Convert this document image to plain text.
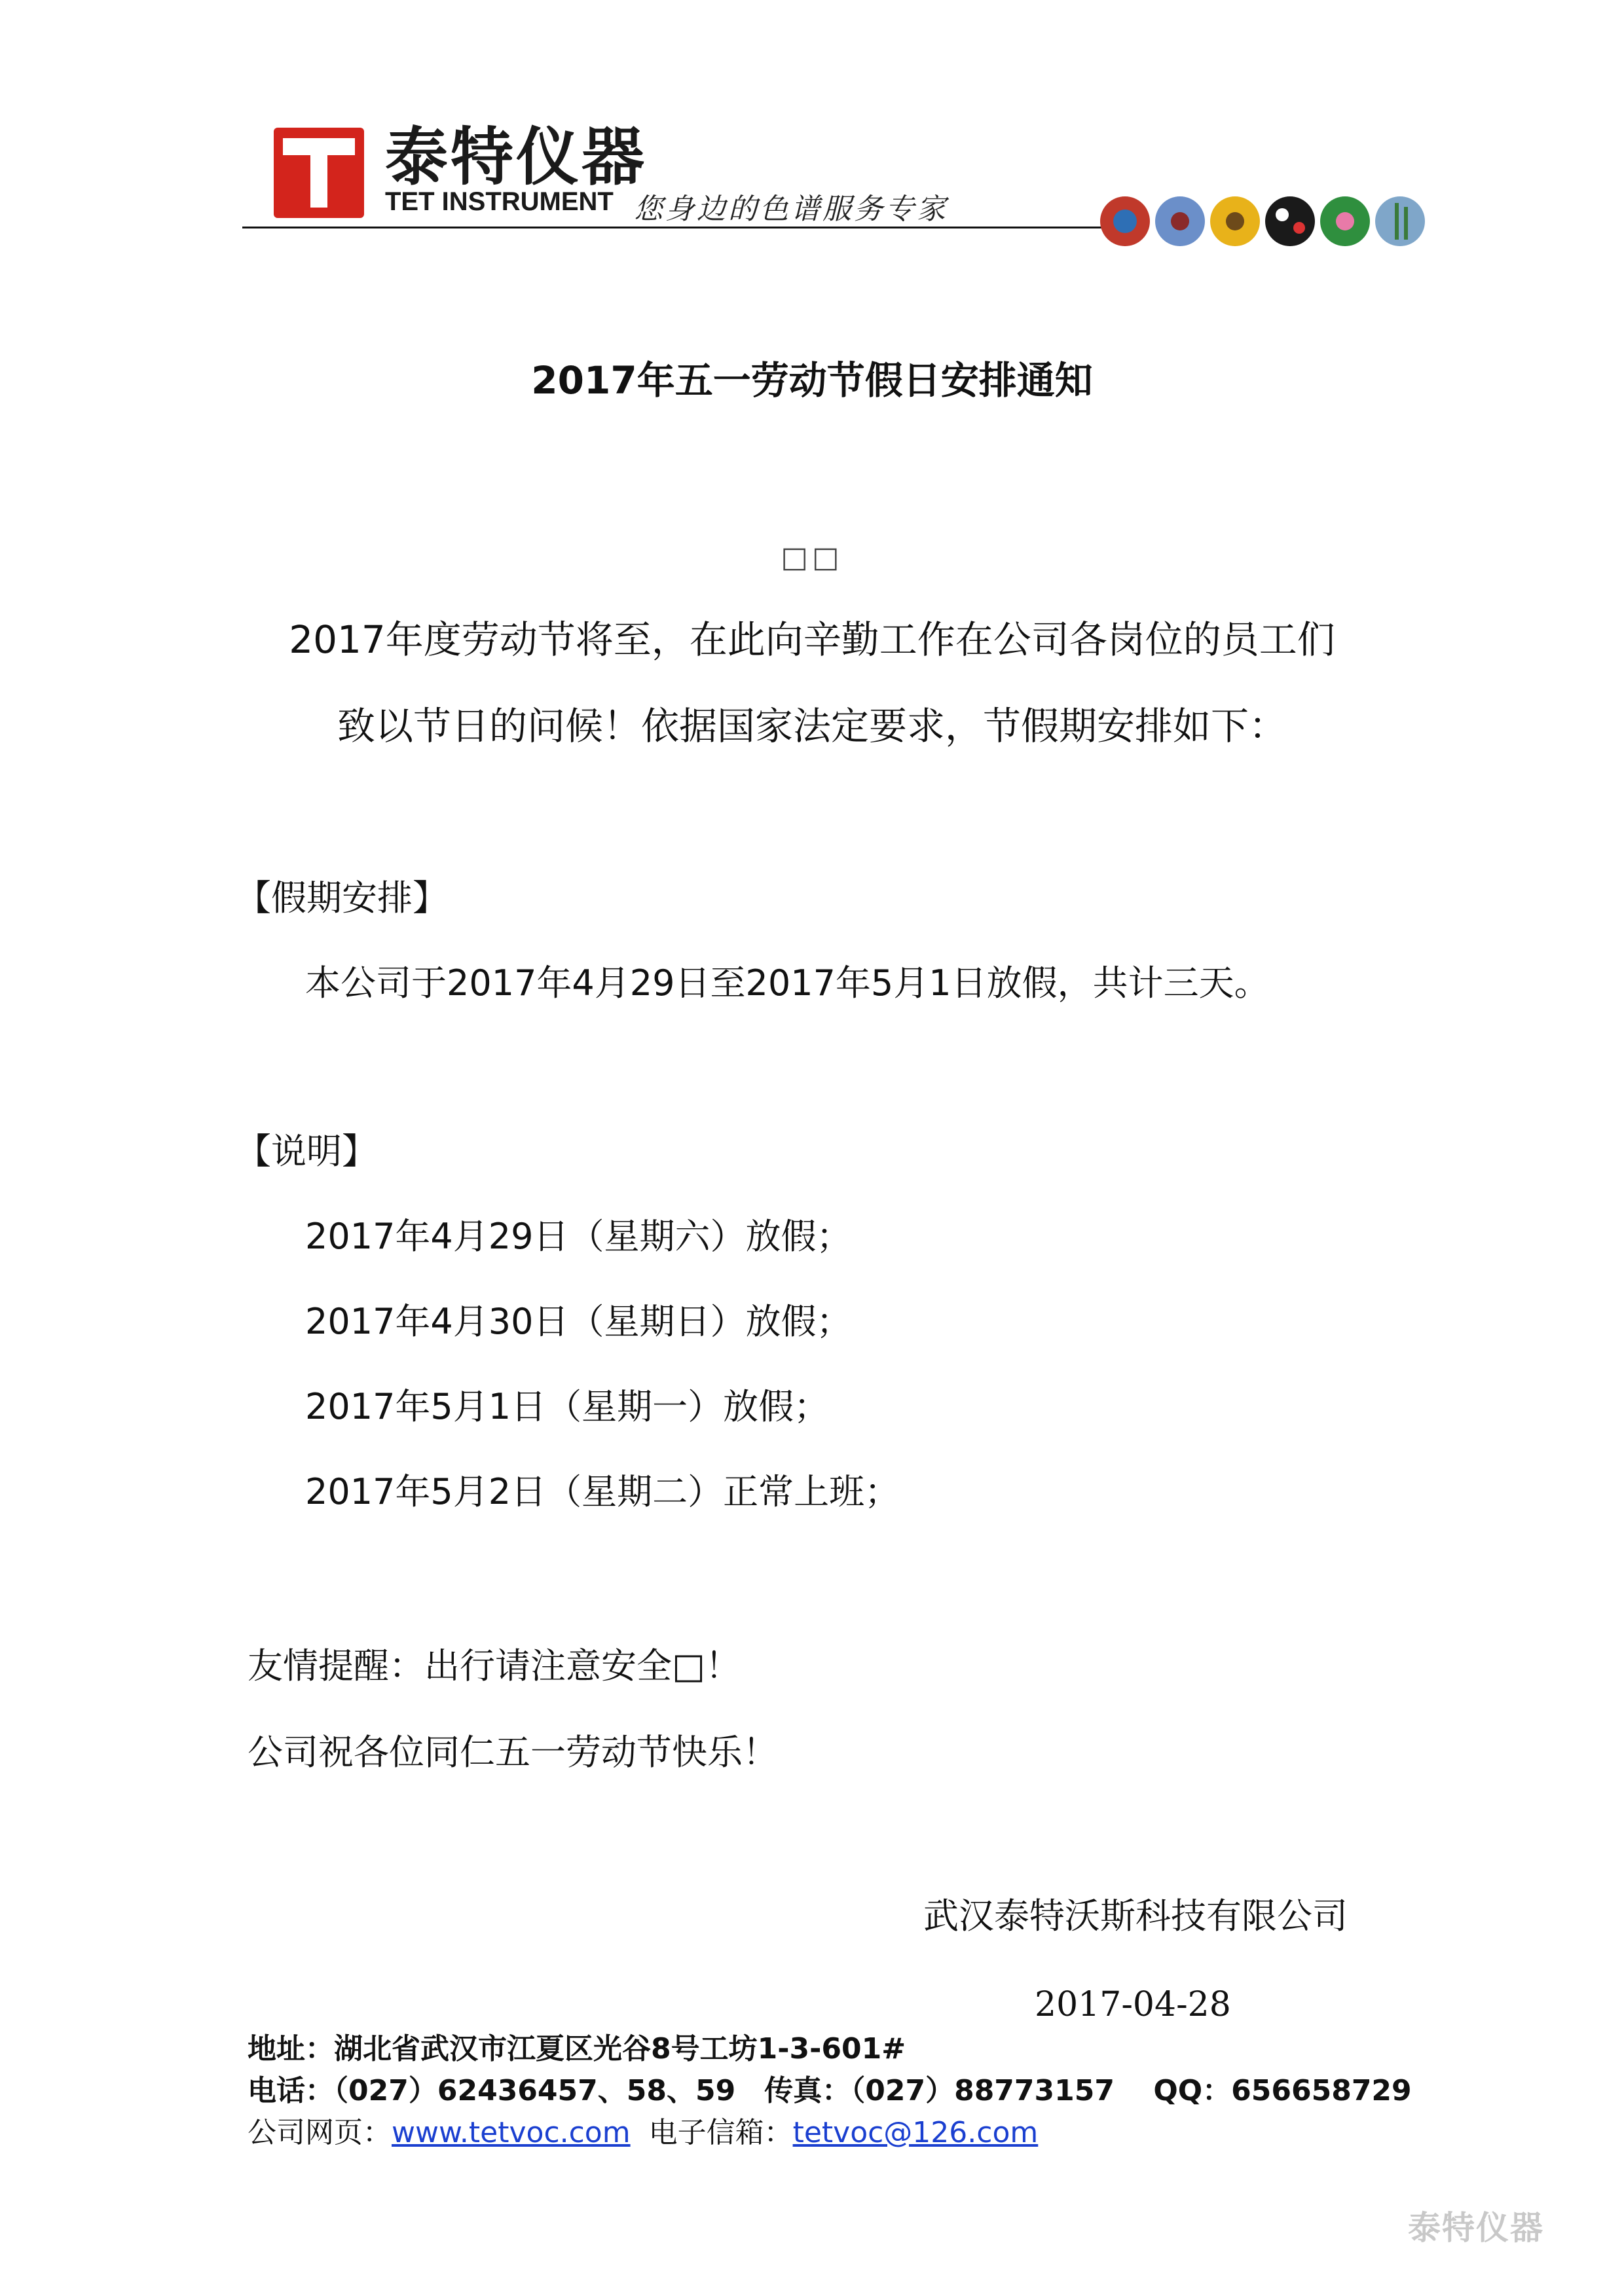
泰特仪器
TET INSTRUMENT 您身边的色谱服务专家
2017年五一劳动节假日安排通知
□□
2017年度劳动节将至，在此向辛勤工作在公司各岗位的员工们
致以节日的问候！依据国家法定要求，节假期安排如下：
【假期安排】
本公司于2017年4月29日至2017年5月1日放假，共计三天。
【说明】
2017年4月29日（星期六）放假；
2017年4月30日（星期日）放假；
2017年5月1日（星期一）放假；
2017年5月2日（星期二）正常上班；
友情提醒：出行请注意安全□！
公司祝各位同仁五一劳动节快乐！
武汉泰特沃斯科技有限公司
2017-04-28
地址：湖北省武汉市江夏区光谷8号工坊1-3-601#
电话：（027）62436457、58、59　传真：（027）88773157　 QQ：656658729
公司网页：www.tetvoc.com 电子信箱：tetvoc@126.com
泰特仪器
